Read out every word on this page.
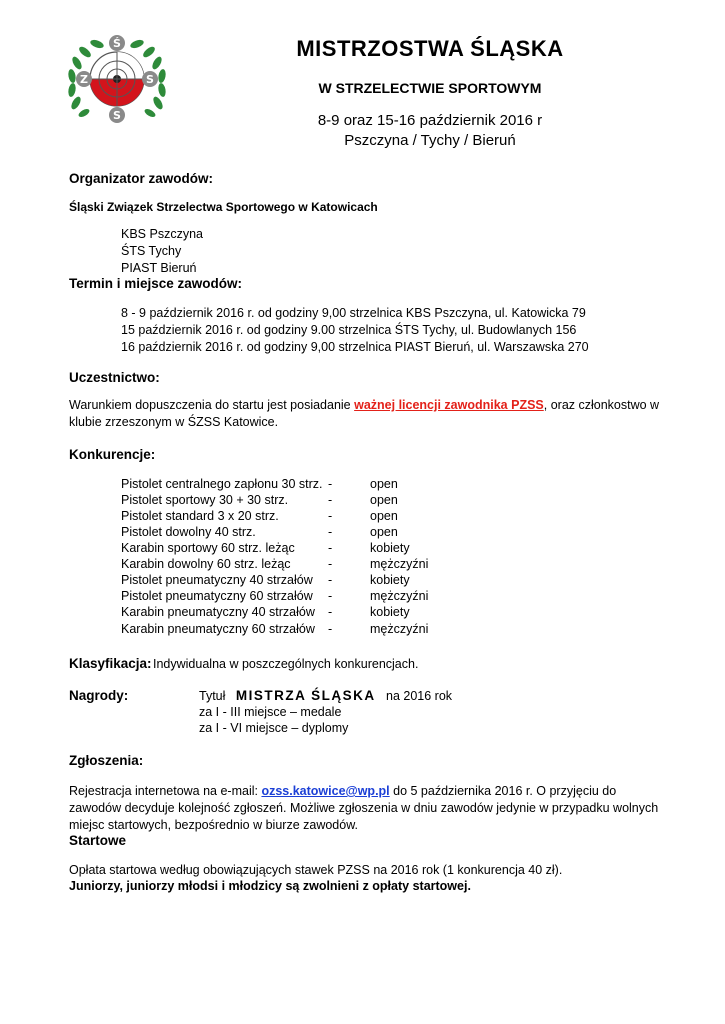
Ś
Z	S
S
MISTRZOSTWA ŚLĄSKA
W STRZELECTWIE SPORTOWYM
8-9 oraz 15-16 październik 2016 r
Pszczyna / Tychy / Bieruń
Organizator zawodów:
Śląski Związek Strzelectwa Sportowego w Katowicach
KBS Pszczyna
ŚTS Tychy
PIAST Bieruń
Termin i miejsce zawodów:
8 - 9 październik 2016 r. od godziny 9,00 strzelnica KBS Pszczyna, ul. Katowicka 79
15 październik 2016 r. od godziny 9.00 strzelnica ŚTS Tychy, ul. Budowlanych 156
16 październik 2016 r. od godziny 9,00 strzelnica PIAST Bieruń, ul. Warszawska 270
Uczestnictwo:
Warunkiem dopuszczenia do startu jest posiadanie ważnej licencji zawodnika PZSS, oraz członkostwo w klubie zrzeszonym w ŚZSS Katowice.
Konkurencje:
Pistolet centralnego zapłonu 30 strz. -	open
Pistolet sportowy 30 + 30 strz.	-	open
Pistolet standard 3 x 20 strz.	-	open
Pistolet dowolny 40 strz.	-	open
Karabin sportowy 60 strz. leżąc	-	kobiety
Karabin dowolny 60 strz. leżąc	-	mężczyźni
Pistolet pneumatyczny 40 strzałów -	kobiety
Pistolet pneumatyczny 60 strzałów -	mężczyźni
Karabin pneumatyczny 40 strzałów -	kobiety
Karabin pneumatyczny 60 strzałów -	mężczyźni
Klasyfikacja: Indywidualna w poszczególnych konkurencjach.
Nagrody:	Tytuł MISTRZA ŚLĄSKA na 2016 rok
za I - III miejsce – medale
za I - VI miejsce – dyplomy
Zgłoszenia:
Rejestracja internetowa na e-mail: ozss.katowice@wp.pl do 5 października 2016 r. O przyjęciu do zawodów decyduje kolejność zgłoszeń. Możliwe zgłoszenia w dniu zawodów jedynie w przypadku wolnych miejsc startowych, bezpośrednio w biurze zawodów.
Startowe
Opłata startowa według obowiązujących stawek PZSS na 2016 rok (1 konkurencja 40 zł).
Juniorzy, juniorzy młodsi i młodzicy są zwolnieni z opłaty startowej.
